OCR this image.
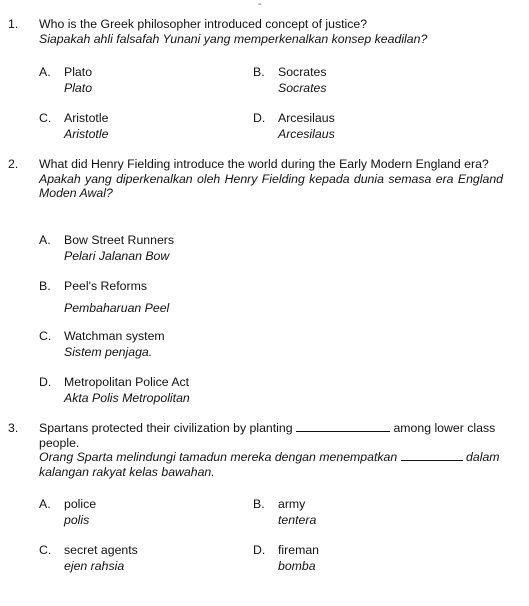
-
1. Who is the Greek philosopher introduced concept of justice?
Siapakah ahli falsafah Yunani yang memperkenalkan konsep keadilan?
A.	Plato
Plato
B.	Socrates
Socrates
C.	Aristotle
Aristotle
D.	Arcesilaus
Arcesilaus
2. What did Henry Fielding introduce the world during the Early Modern England era?
Apakah yang diperkenalkan oleh Henry Fielding kepada dunia semasa era England Moden Awal?
A.	Bow Street Runners
Pelari Jalanan Bow
B.	Peel's Reforms
Pembaharuan Peel
C.	Watchman system
Sistem penjaga.
D.	Metropolitan Police Act
Akta Polis Metropolitan
3. Spartans protected their civilization by planting	among lower class people.
Orang Sparta melindungi tamadun mereka dengan menempatkan	dalam kalangan rakyat kelas bawahan.
A.	police
polis
B.	army
tentera
C.	secret agents
ejen rahsia
D.	fireman
bomba
